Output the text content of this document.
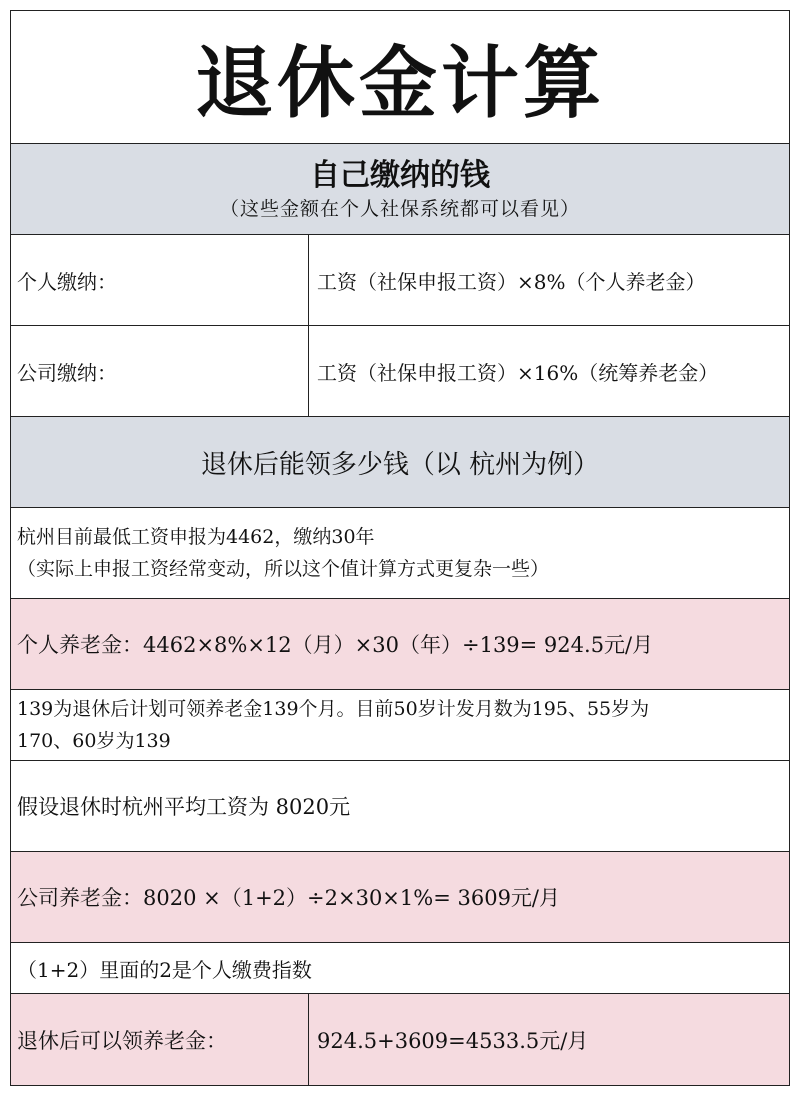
退休金计算
自己缴纳的钱
（这些金额在个人社保系统都可以看见）
个人缴纳：	工资（社保申报工资）×8%（个人养老金）
公司缴纳：	工资（社保申报工资）×16%（统筹养老金）
退休后能领多少钱（以 杭州为例）
杭州目前最低工资申报为4462，缴纳30年
（实际上申报工资经常变动，所以这个值计算方式更复杂一些）
个人养老金：4462×8%×12（月）×30（年）÷139= 924.5元/月
139为退休后计划可领养老金139个月。目前50岁计发月数为195、55岁为
170、60岁为139
假设退休时杭州平均工资为 8020元
公司养老金：8020 ×（1+2）÷2×30×1%= 3609元/月
（1+2）里面的2是个人缴费指数
退休后可以领养老金：	924.5+3609=4533.5元/月
